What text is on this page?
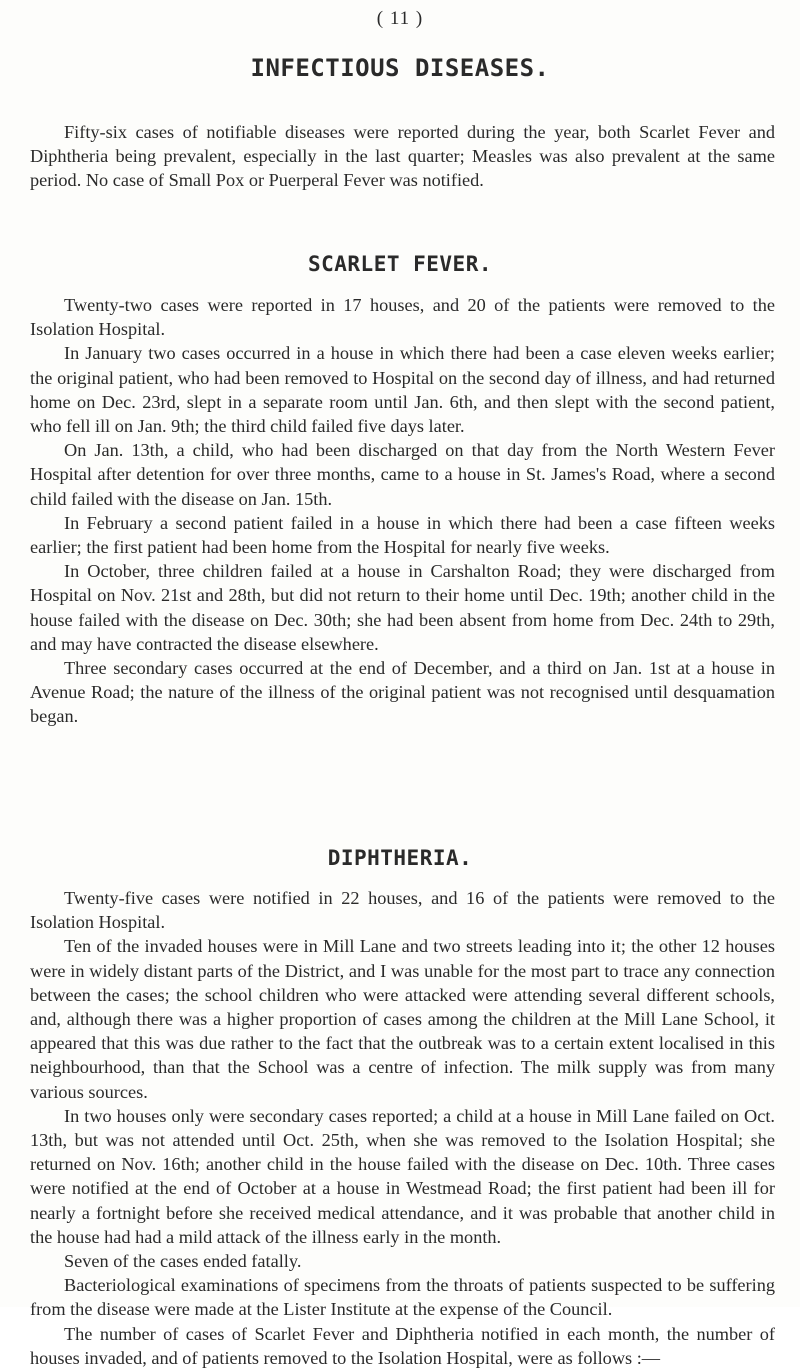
( 11 )
INFECTIOUS DISEASES.

Fifty-six cases of notifiable diseases were reported during the year, both Scarlet Fever and Diphtheria being prevalent, especially in the last quarter; Measles was also prevalent at the same period. No case of Small Pox or Puerperal Fever was notified.

SCARLET FEVER.

Twenty-two cases were reported in 17 houses, and 20 of the patients were removed to the Isolation Hospital.

In January two cases occurred in a house in which there had been a case eleven weeks earlier; the original patient, who had been removed to Hospital on the second day of illness, and had returned home on Dec. 23rd, slept in a separate room until Jan. 6th, and then slept with the second patient, who fell ill on Jan. 9th; the third child failed five days later.

On Jan. 13th, a child, who had been discharged on that day from the North Western Fever Hospital after detention for over three months, came to a house in St. James's Road, where a second child failed with the disease on Jan. 15th.

In February a second patient failed in a house in which there had been a case fifteen weeks earlier; the first patient had been home from the Hospital for nearly five weeks.

In October, three children failed at a house in Carshalton Road; they were discharged from Hospital on Nov. 21st and 28th, but did not return to their home until Dec. 19th; another child in the house failed with the disease on Dec. 30th; she had been absent from home from Dec. 24th to 29th, and may have contracted the disease elsewhere.

Three secondary cases occurred at the end of December, and a third on Jan. 1st at a house in Avenue Road; the nature of the illness of the original patient was not recognised until desquamation began.

DIPHTHERIA.

Twenty-five cases were notified in 22 houses, and 16 of the patients were removed to the Isolation Hospital.

Ten of the invaded houses were in Mill Lane and two streets leading into it; the other 12 houses were in widely distant parts of the District, and I was unable for the most part to trace any connection between the cases; the school children who were attacked were attending several different schools, and, although there was a higher proportion of cases among the children at the Mill Lane School, it appeared that this was due rather to the fact that the outbreak was to a certain extent localised in this neighbourhood, than that the School was a centre of infection. The milk supply was from many various sources.

In two houses only were secondary cases reported; a child at a house in Mill Lane failed on Oct. 13th, but was not attended until Oct. 25th, when she was removed to the Isolation Hospital; she returned on Nov. 16th; another child in the house failed with the disease on Dec. 10th. Three cases were notified at the end of October at a house in Westmead Road; the first patient had been ill for nearly a fortnight before she received medical attendance, and it was probable that another child in the house had had a mild attack of the illness early in the month.

Seven of the cases ended fatally.

Bacteriological examinations of specimens from the throats of patients suspected to be suffering from the disease were made at the Lister Institute at the expense of the Council.

The number of cases of Scarlet Fever and Diphtheria notified in each month, the number of houses invaded, and of patients removed to the Isolation Hospital, were as follows :—
